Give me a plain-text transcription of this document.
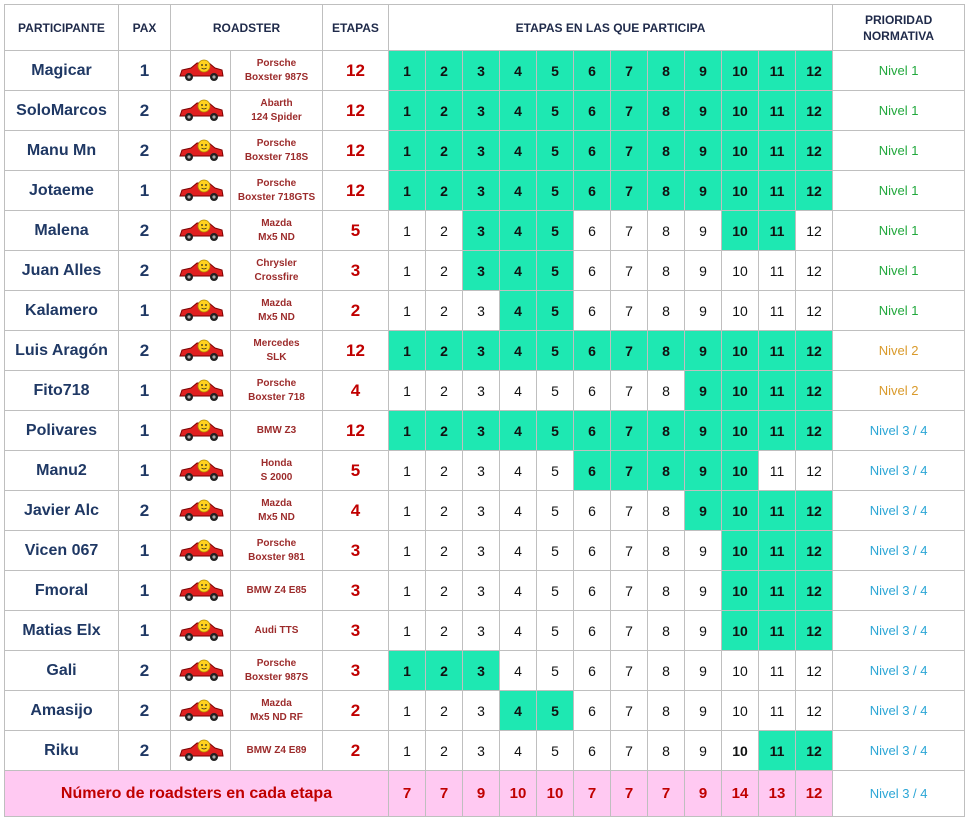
PARTICIPANTE	PAX	ROADSTER		ETAPAS	ETAPAS EN LAS QUE PARTICIPA												PRIORIDAD
NORMATIVA
Magicar	1		Porsche
Boxster 987S	12	1	2	3	4	5	6	7	8	9	10	11	12	Nivel 1
SoloMarcos	2		Abarth
124 Spider	12	1	2	3	4	5	6	7	8	9	10	11	12	Nivel 1
Manu Mn	2		Porsche
Boxster 718S	12	1	2	3	4	5	6	7	8	9	10	11	12	Nivel 1
Jotaeme	1		Porsche
Boxster 718GTS	12	1	2	3	4	5	6	7	8	9	10	11	12	Nivel 1
Malena	2		Mazda
Mx5 ND	5	1	2	3	4	5	6	7	8	9	10	11	12	Nivel 1
Juan Alles	2		Chrysler
Crossfire	3	1	2	3	4	5	6	7	8	9	10	11	12	Nivel 1
Kalamero	1		Mazda
Mx5 ND	2	1	2	3	4	5	6	7	8	9	10	11	12	Nivel 1
Luis Aragón	2		Mercedes
SLK	12	1	2	3	4	5	6	7	8	9	10	11	12	Nivel 2
Fito718	1		Porsche
Boxster 718	4	1	2	3	4	5	6	7	8	9	10	11	12	Nivel 2
Polivares	1		BMW Z3	12	1	2	3	4	5	6	7	8	9	10	11	12	Nivel 3 / 4
Manu2	1		Honda
S 2000	5	1	2	3	4	5	6	7	8	9	10	11	12	Nivel 3 / 4
Javier Alc	2		Mazda
Mx5 ND	4	1	2	3	4	5	6	7	8	9	10	11	12	Nivel 3 / 4
Vicen 067	1		Porsche
Boxster 981	3	1	2	3	4	5	6	7	8	9	10	11	12	Nivel 3 / 4
Fmoral	1		BMW Z4 E85	3	1	2	3	4	5	6	7	8	9	10	11	12	Nivel 3 / 4
Matias Elx	1		Audi TTS	3	1	2	3	4	5	6	7	8	9	10	11	12	Nivel 3 / 4
Gali	2		Porsche
Boxster 987S	3	1	2	3	4	5	6	7	8	9	10	11	12	Nivel 3 / 4
Amasijo	2		Mazda
Mx5 ND RF	2	1	2	3	4	5	6	7	8	9	10	11	12	Nivel 3 / 4
Riku	2		BMW Z4 E89	2	1	2	3	4	5	6	7	8	9	10	11	12	Nivel 3 / 4
Número de roadsters en cada etapa					7	7	9	10	10	7	7	7	9	14	13	12	Nivel 3 / 4
